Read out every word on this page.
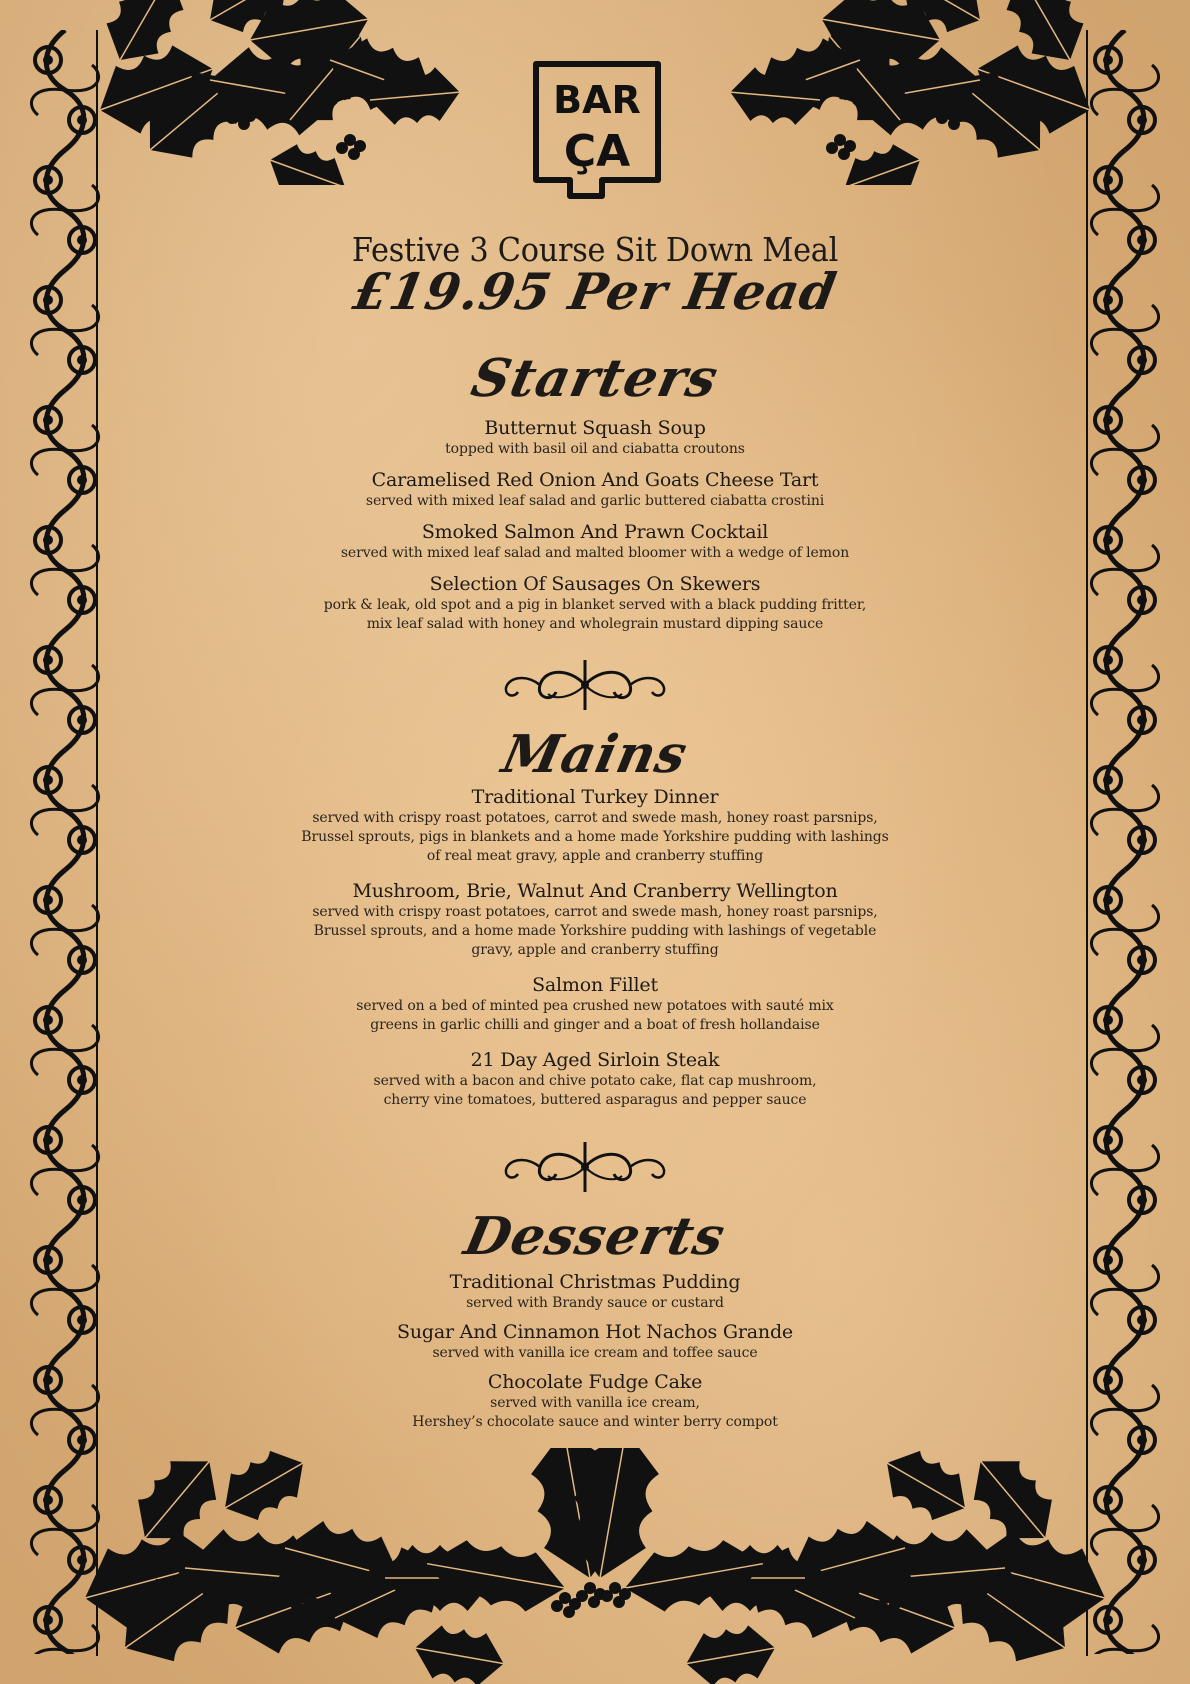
BAR
ÇA
Festive 3 Course Sit Down Meal
£19.95 Per Head
Starters
Butternut Squash Soup
topped with basil oil and ciabatta croutons
Caramelised Red Onion And Goats Cheese Tart
served with mixed leaf salad and garlic buttered ciabatta crostini
Smoked Salmon And Prawn Cocktail
served with mixed leaf salad and malted bloomer with a wedge of lemon
Selection Of Sausages On Skewers
pork & leak, old spot and a pig in blanket served with a black pudding fritter,
mix leaf salad with honey and wholegrain mustard dipping sauce
Mains
Traditional Turkey Dinner
served with crispy roast potatoes, carrot and swede mash, honey roast parsnips,
Brussel sprouts, pigs in blankets and a home made Yorkshire pudding with lashings
of real meat gravy, apple and cranberry stuffing
Mushroom, Brie, Walnut And Cranberry Wellington
served with crispy roast potatoes, carrot and swede mash, honey roast parsnips,
Brussel sprouts, and a home made Yorkshire pudding with lashings of vegetable
gravy, apple and cranberry stuffing
Salmon Fillet
served on a bed of minted pea crushed new potatoes with sauté mix
greens in garlic chilli and ginger and a boat of fresh hollandaise
21 Day Aged Sirloin Steak
served with a bacon and chive potato cake, flat cap mushroom,
cherry vine tomatoes, buttered asparagus and pepper sauce
Desserts
Traditional Christmas Pudding
served with Brandy sauce or custard
Sugar And Cinnamon Hot Nachos Grande
served with vanilla ice cream and toffee sauce
Chocolate Fudge Cake
served with vanilla ice cream,
Hershey’s chocolate sauce and winter berry compot
